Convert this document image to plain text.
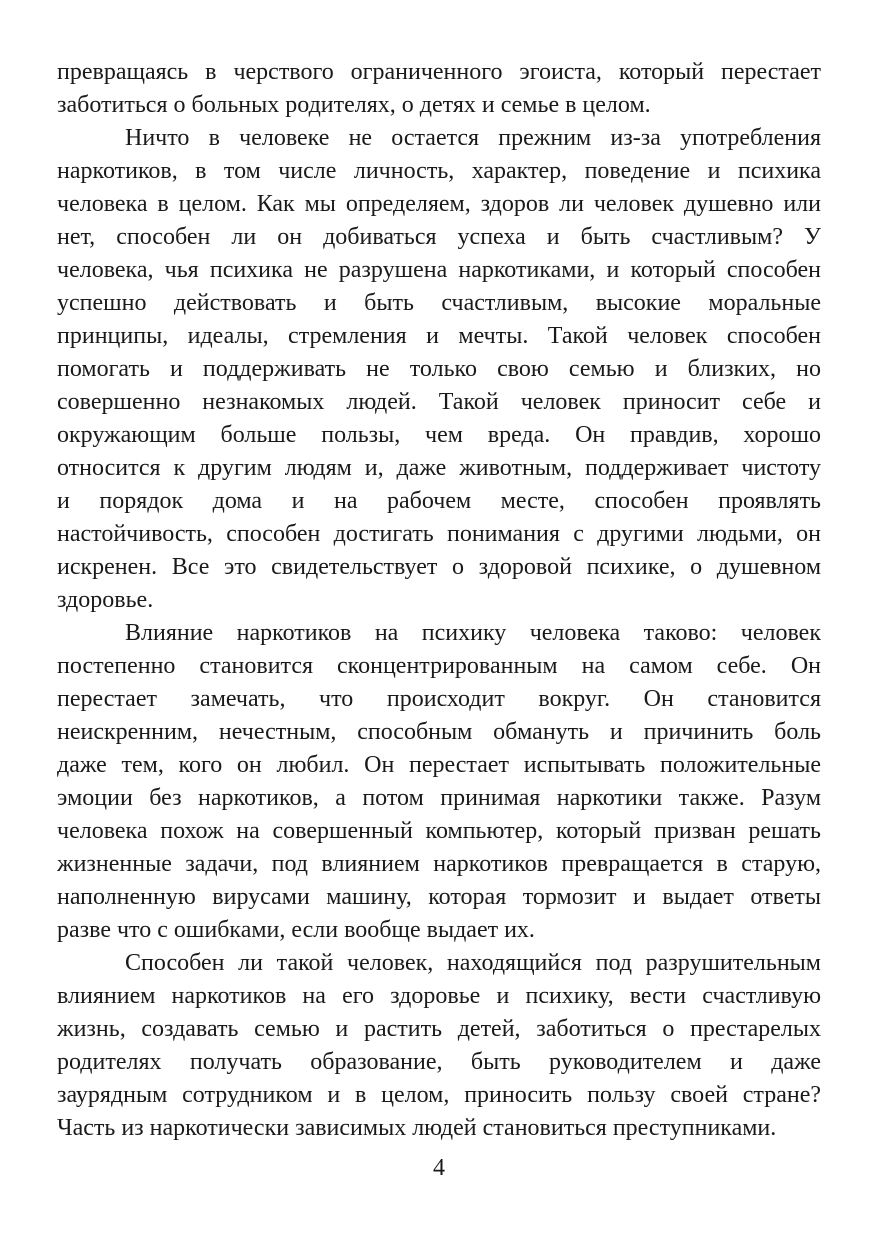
превращаясь в черствого ограниченного эгоиста, который перестает
заботиться о больных родителях, о детях и семье в целом.
Ничто в человеке не остается прежним из-за употребления
наркотиков, в том числе личность, характер, поведение и психика
человека в целом. Как мы определяем, здоров ли человек душевно или
нет, способен ли он добиваться успеха и быть счастливым? У
человека, чья психика не разрушена наркотиками, и который способен
успешно действовать и быть счастливым, высокие моральные
принципы, идеалы, стремления и мечты. Такой человек способен
помогать и поддерживать не только свою семью и близких, но
совершенно незнакомых людей. Такой человек приносит себе и
окружающим больше пользы, чем вреда. Он правдив, хорошо
относится к другим людям и, даже животным, поддерживает чистоту
и порядок дома и на рабочем месте, способен проявлять
настойчивость, способен достигать понимания с другими людьми, он
искренен. Все это свидетельствует о здоровой психике, о душевном
здоровье.
Влияние наркотиков на психику человека таково: человек
постепенно становится сконцентрированным на самом себе. Он
перестает замечать, что происходит вокруг. Он становится
неискренним, нечестным, способным обмануть и причинить боль
даже тем, кого он любил. Он перестает испытывать положительные
эмоции без наркотиков, а потом принимая наркотики также. Разум
человека похож на совершенный компьютер, который призван решать
жизненные задачи, под влиянием наркотиков превращается в старую,
наполненную вирусами машину, которая тормозит и выдает ответы
разве что с ошибками, если вообще выдает их.
Способен ли такой человек, находящийся под разрушительным
влиянием наркотиков на его здоровье и психику, вести счастливую
жизнь, создавать семью и растить детей, заботиться о престарелых
родителях получать образование, быть руководителем и даже
заурядным сотрудником и в целом, приносить пользу своей стране?
Часть из наркотически зависимых людей становиться преступниками.
4
